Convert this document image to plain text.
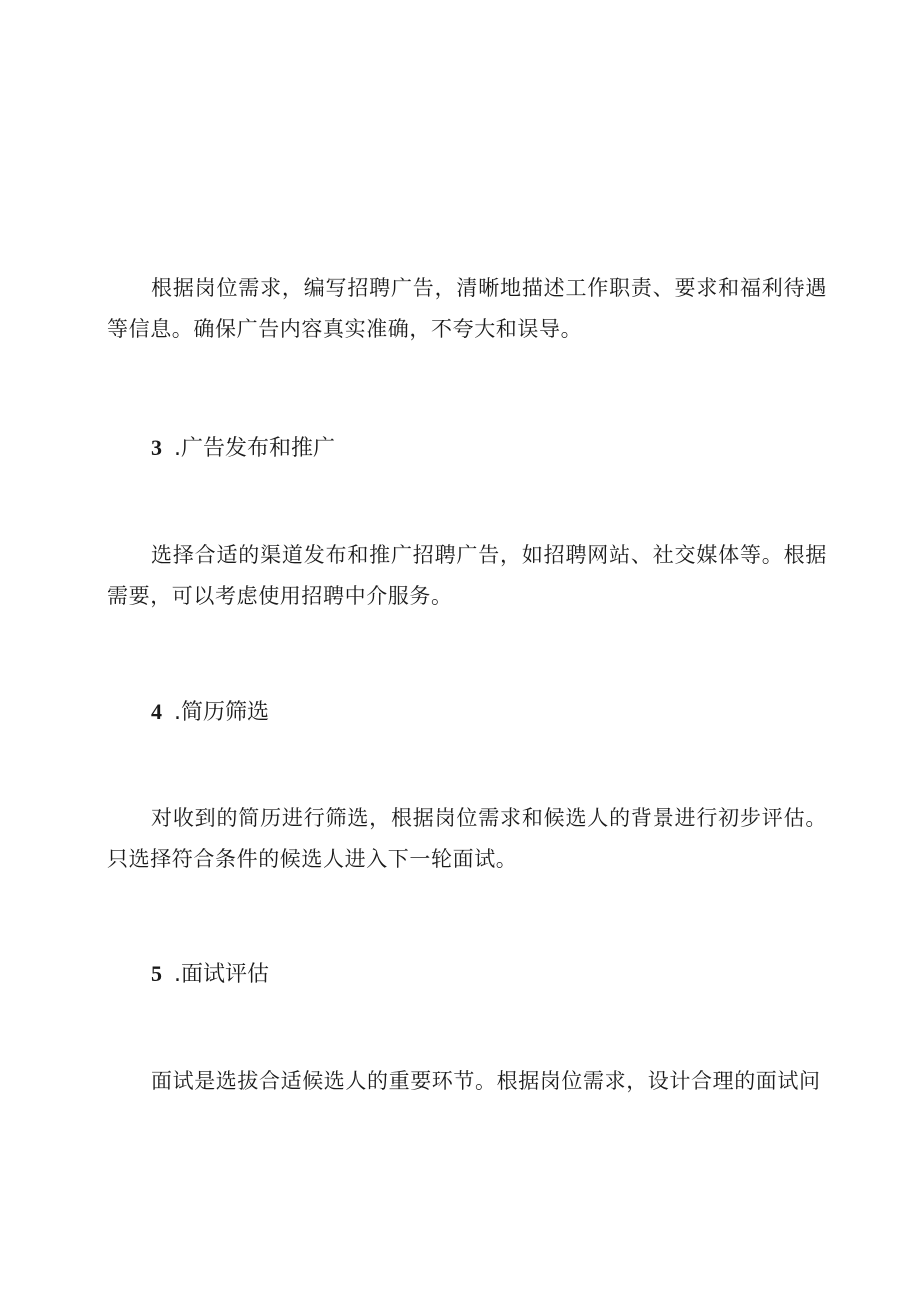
根据岗位需求，编写招聘广告，清晰地描述工作职责、要求和福利待遇等信息。确保广告内容真实准确，不夸大和误导。

3 .广告发布和推广

选择合适的渠道发布和推广招聘广告，如招聘网站、社交媒体等。根据需要，可以考虑使用招聘中介服务。

4 .简历筛选

对收到的简历进行筛选，根据岗位需求和候选人的背景进行初步评估。只选择符合条件的候选人进入下一轮面试。

5 .面试评估

面试是选拔合适候选人的重要环节。根据岗位需求，设计合理的面试问
